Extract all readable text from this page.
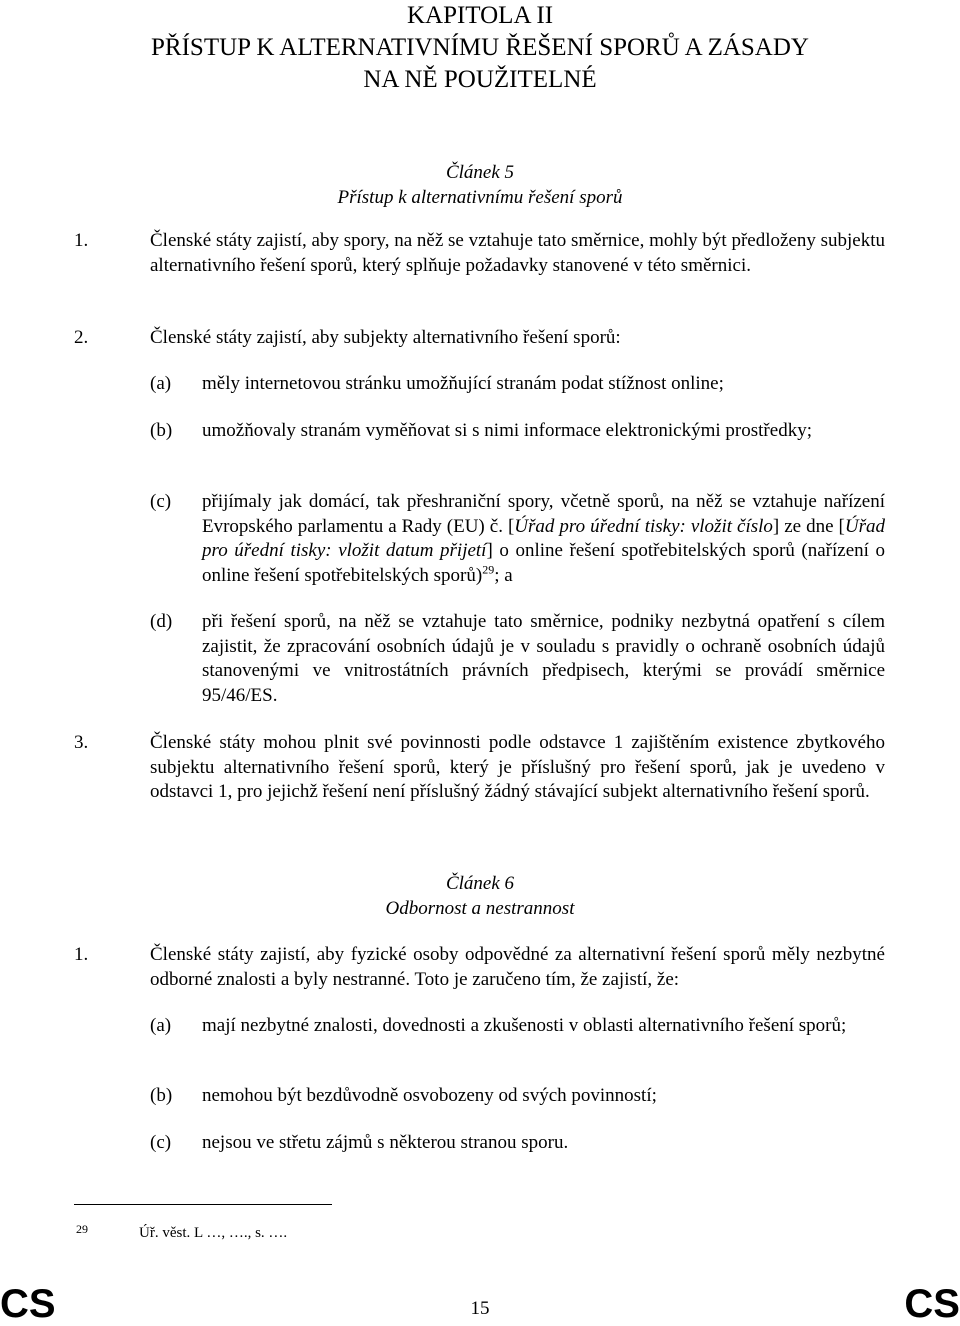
KAPITOLA II
PŘÍSTUP K ALTERNATIVNÍMU ŘEŠENÍ SPORŮ A ZÁSADY
NA NĚ POUŽITELNÉ
Článek 5
Přístup k alternativnímu řešení sporů
1.	Členské státy zajistí, aby spory, na něž se vztahuje tato směrnice, mohly být předloženy subjektu alternativního řešení sporů, který splňuje požadavky stanovené v této směrnici.
2.	Členské státy zajistí, aby subjekty alternativního řešení sporů:
(a) měly internetovou stránku umožňující stranám podat stížnost online;
(b) umožňovaly stranám vyměňovat si s nimi informace elektronickými prostředky;
(c) přijímaly jak domácí, tak přeshraniční spory, včetně sporů, na něž se vztahuje nařízení Evropského parlamentu a Rady (EU) č. [Úřad pro úřední tisky: vložit číslo] ze dne [Úřad pro úřední tisky: vložit datum přijetí] o online řešení spotřebitelských sporů (nařízení o online řešení spotřebitelských sporů)$^{29}$; a
(d) při řešení sporů, na něž se vztahuje tato směrnice, podniky nezbytná opatření s cílem zajistit, že zpracování osobních údajů je v souladu s pravidly o ochraně osobních údajů stanovenými ve vnitrostátních právních předpisech, kterými se provádí směrnice 95/46/ES.
3.	Členské státy mohou plnit své povinnosti podle odstavce 1 zajištěním existence zbytkového subjektu alternativního řešení sporů, který je příslušný pro řešení sporů, jak je uvedeno v odstavci 1, pro jejichž řešení není příslušný žádný stávající subjekt alternativního řešení sporů.
Článek 6
Odbornost a nestrannost
1.	Členské státy zajistí, aby fyzické osoby odpovědné za alternativní řešení sporů měly nezbytné odborné znalosti a byly nestranné. Toto je zaručeno tím, že zajistí, že:
(a) mají nezbytné znalosti, dovednosti a zkušenosti v oblasti alternativního řešení sporů;
(b) nemohou být bezdůvodně osvobozeny od svých povinností;
(c) nejsou ve střetu zájmů s některou stranou sporu.
29	Úř. věst. L …, …., s. ….
CS	15	CS
